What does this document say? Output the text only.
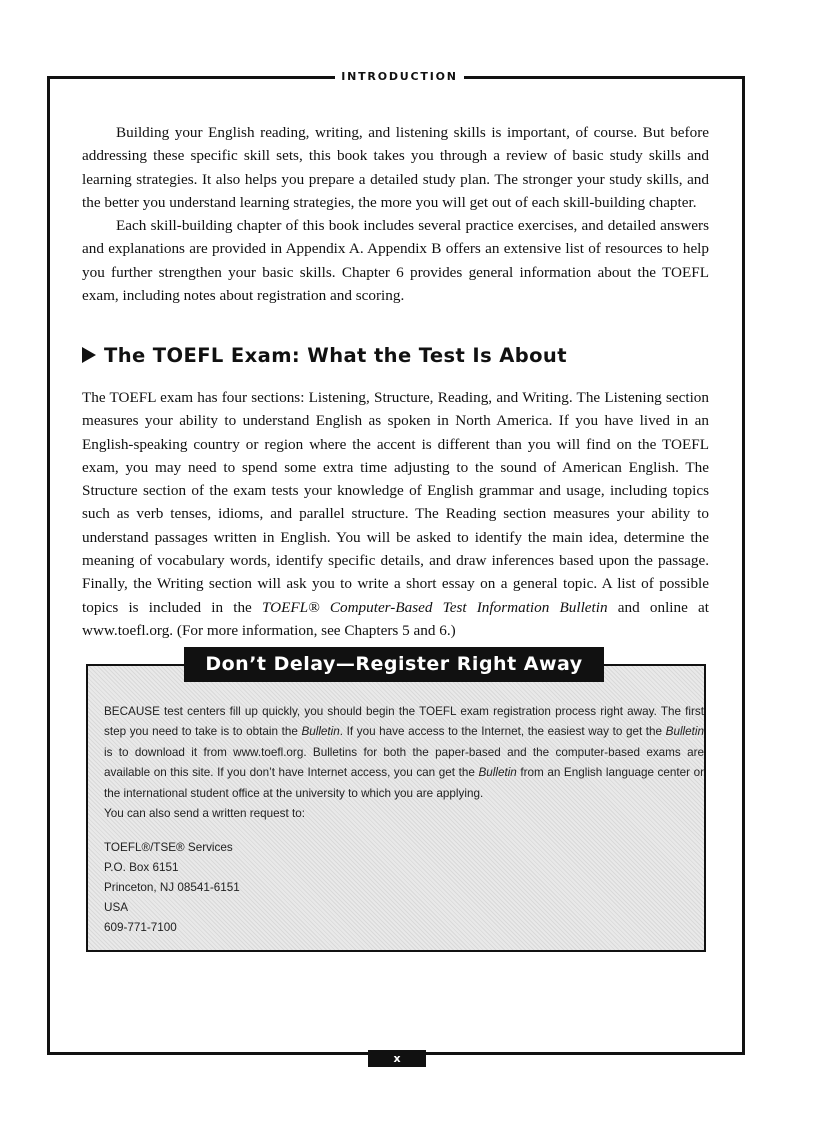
INTRODUCTION

Building your English reading, writing, and listening skills is important, of course. But before addressing these specific skill sets, this book takes you through a review of basic study skills and learning strategies. It also helps you prepare a detailed study plan. The stronger your study skills, and the better you understand learning strategies, the more you will get out of each skill-building chapter.

Each skill-building chapter of this book includes several practice exercises, and detailed answers and explanations are provided in Appendix A. Appendix B offers an extensive list of resources to help you further strengthen your basic skills. Chapter 6 provides general information about the TOEFL exam, including notes about registration and scoring.

The TOEFL Exam: What the Test Is About

The TOEFL exam has four sections: Listening, Structure, Reading, and Writing. The Listening section measures your ability to understand English as spoken in North America. If you have lived in an English-speaking country or region where the accent is different than you will find on the TOEFL exam, you may need to spend some extra time adjusting to the sound of American English. The Structure section of the exam tests your knowledge of English grammar and usage, including topics such as verb tenses, idioms, and parallel structure. The Reading section measures your ability to understand passages written in English. You will be asked to identify the main idea, determine the meaning of vocabulary words, identify specific details, and draw inferences based upon the passage. Finally, the Writing section will ask you to write a short essay on a general topic. A list of possible topics is included in the TOEFL® Computer-Based Test Information Bulletin and online at www.toefl.org. (For more information, see Chapters 5 and 6.)

Don’t Delay—Register Right Away

BECAUSE test centers fill up quickly, you should begin the TOEFL exam registration process right away. The first step you need to take is to obtain the Bulletin. If you have access to the Internet, the easiest way to get the Bulletin is to download it from www.toefl.org. Bulletins for both the paper-based and the computer-based exams are available on this site. If you don’t have Internet access, you can get the Bulletin from an English language center or the international student office at the university to which you are applying.

You can also send a written request to:
TOEFL®/TSE® Services
P.O. Box 6151
Princeton, NJ 08541-6151
USA
609-771-7100
x
